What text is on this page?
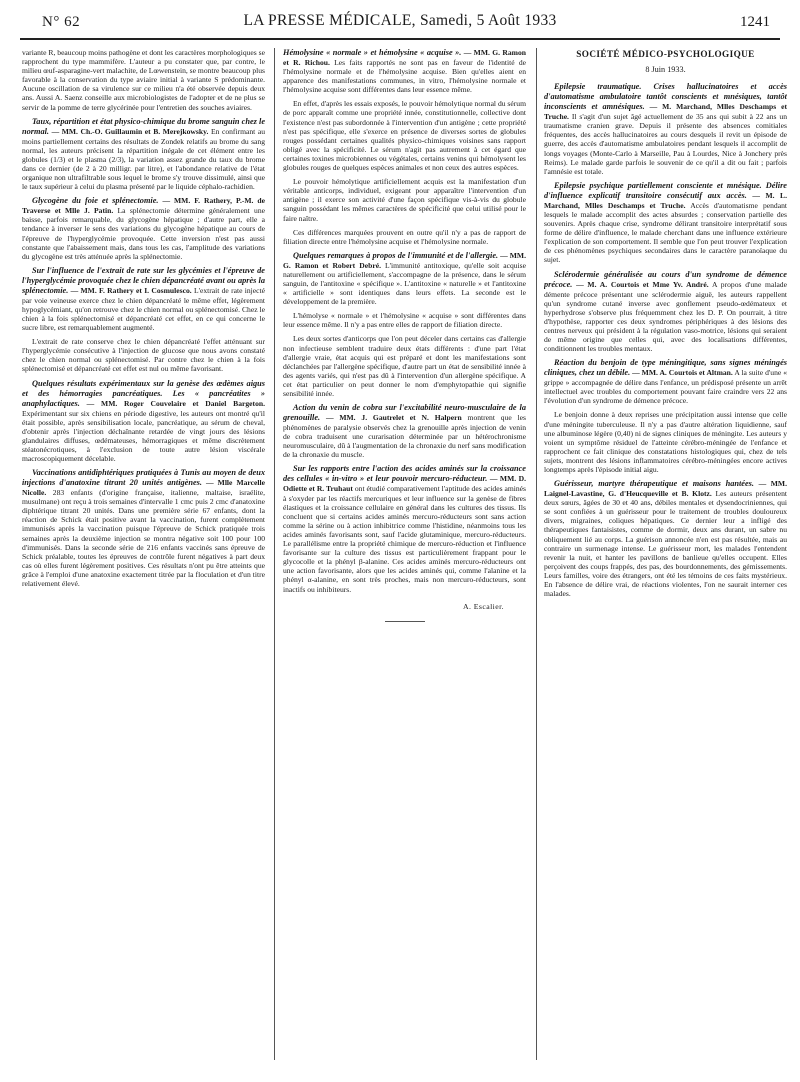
N° 62	LA PRESSE MÉDICALE, Samedi, 5 Août 1933	1241

variante R, beaucoup moins pathogène et dont les caractères morphologiques se rapprochent du type mammifère. L'auteur a pu constater que, par contre, le milieu œuf-asparagine-vert malachite, de Lœwenstein, se montre beaucoup plus favorable à la conservation du type aviaire initial à variante S prédominante. Aucune oscillation de sa virulence sur ce milieu n'a été observée depuis deux ans. Aussi A. Saenz conseille aux microbiologistes de l'adopter et de ne plus se servir de la pomme de terre glycérinée pour l'entretien des souches aviaires.

Taux, répartition et état physico-chimique du brome sanguin chez le normal. — MM. Ch.-O. Guillaumin et B. Merejkowsky. En confirmant au moins partiellement certains des résultats de Zondek relatifs au brome du sang normal, les auteurs précisent la répartition inégale de cet élément entre les globules (1/3) et le plasma (2/3), la variation assez grande du taux du brome dans ce dernier (de 2 à 20 milligr. par litre), et l'abondance relative de l'état organique non ultrafiltrable sous lequel le brome s'y trouve dissimulé, ainsi que le taux supérieur à celui du plasma présenté par le liquide céphalo-rachidien.

Glycogène du foie et splénectomie. — MM. F. Rathery, P.-M. de Traverse et Mlle J. Patin. La splénectomie détermine généralement une baisse, parfois remarquable, du glycogène hépatique ; d'autre part, elle a tendance à inverser le sens des variations du glycogène hépatique au cours de l'épreuve de l'hyperglycémie provoquée. Cette inversion n'est pas aussi constante que l'abaissement mais, dans tous les cas, l'amplitude des variations du glycogène est très atténuée après la splénectomie.

Sur l'influence de l'extrait de rate sur les glycémies et l'épreuve de l'hyperglycémie provoquée chez le chien dépancréaté avant ou après la splénectomie. — MM. F. Rathery et I. Cosmulesco. L'extrait de rate injecté par voie veineuse exerce chez le chien dépancréaté le même effet, légèrement hypoglycémiant, qu'on retrouve chez le chien normal ou splénectomisé. Chez le chien à la fois splénectomisé et dépancréaté cet effet, en ce qui concerne le sucre libre, est remarquablement augmenté.

L'extrait de rate conserve chez le chien dépancréaté l'effet atténuant sur l'hyperglycémie consécutive à l'injection de glucose que nous avons constaté chez le chien normal ou splénectomisé. Par contre chez le chien à la fois splénectomisé et dépancréaté cet effet est nul ou même favorisant.

Quelques résultats expérimentaux sur la genèse des œdèmes aigus et des hémorragies pancréatiques. Les « pancréatites » anaphylactiques. — MM. Roger Couvelaire et Daniel Bargeton. Expérimentant sur six chiens en période digestive, les auteurs ont montré qu'il était possible, après sensibilisation locale, pancréatique, au sérum de cheval, d'obtenir après l'injection déchaînante retardée de vingt jours des lésions glandulaires diffuses, œdémateuses, hémorragiques et même discrètement stéatonécrotiques, à l'exclusion de toute autre lésion viscérale macroscopiquement décelable.

Vaccinations antidiphtériques pratiquées à Tunis au moyen de deux injections d'anatoxine titrant 20 unités antigènes. — Mlle Marcelle Nicolle. 283 enfants (d'origine française, italienne, maltaise, israélite, musulmane) ont reçu à trois semaines d'intervalle 1 cmc puis 2 cmc d'anatoxine diphtérique titrant 20 unités. Dans une première série 67 enfants, dont la réaction de Schick était positive avant la vaccination, furent complètement immunisés après la vaccination puisque l'épreuve de Schick pratiquée trois semaines après la deuxième injection se montra négative soit 100 pour 100 d'immunisés. Dans la seconde série de 216 enfants vaccinés sans épreuve de Schick préalable, toutes les épreuves de contrôle furent négatives à part deux cas où elles furent légèrement positives. Ces résultats n'ont pu être atteints que grâce à l'emploi d'une anatoxine exactement titrée par la floculation et d'un titre relativement élevé.

Hémolysine « normale » et hémolysine « acquise ». — MM. G. Ramon et R. Richou. Les faits rapportés ne sont pas en faveur de l'identité de l'hémolysine normale et de l'hémolysine acquise. Bien qu'elles aient en apparence des manifestations communes, in vitro, l'hémolysine normale et l'hémolysine acquise sont différentes dans leur essence même.

En effet, d'après les essais exposés, le pouvoir hémolytique normal du sérum de porc apparaît comme une propriété innée, constitutionnelle, collective dont l'existence n'est pas subordonnée à l'intervention d'un antigène ; cette propriété n'est pas spécifique, elle s'exerce en présence de diverses sortes de globules rouges possédant certaines qualités physico-chimiques voisines sans rapport obligé avec la spécificité. Le sérum n'agit pas autrement à cet égard que certaines toxines microbiennes ou végétales, certains venins qui hémolysent les globules rouges de quelques espèces animales et non ceux des autres espèces.

Le pouvoir hémolytique artificiellement acquis est la manifestation d'un véritable anticorps, individuel, exigeant pour apparaître l'intervention d'un antigène ; il exerce son activité d'une façon spécifique vis-à-vis du globule sanguin possédant les mêmes caractères de spécificité que celui utilisé pour le faire naître.

Ces différences marquées prouvent en outre qu'il n'y a pas de rapport de filiation directe entre l'hémolysine acquise et l'hémolysine normale.

Quelques remarques à propos de l'immunité et de l'allergie. — MM. G. Ramon et Robert Debré. L'immunité antitoxique, qu'elle soit acquise naturellement ou artificiellement, s'accompagne de la présence, dans le sérum sanguin, de l'antitoxine « spécifique ». L'antitoxine « naturelle » et l'antitoxine « artificielle » sont identiques dans leurs effets. La seconde est le développement de la première.

L'hémolyse « normale » et l'hémolysine « acquise » sont différentes dans leur essence même. Il n'y a pas entre elles de rapport de filiation directe.

Les deux sortes d'anticorps que l'on peut déceler dans certains cas d'allergie non infectieuse semblent traduire deux états différents : d'une part l'état d'allergie vraie, état acquis qui est préparé et dont les manifestations sont déclanchées par l'allergène spécifique, d'autre part un état de sensibilité innée à des agents variés, qui n'est pas dû à l'intervention d'un allergène spécifique. A cet état particulier on peut donner le nom d'emphytopathie qui signifie sensibilité innée.

Action du venin de cobra sur l'excitabilité neuro-musculaire de la grenouille. — MM. J. Gautrelet et N. Halpern montrent que les phénomènes de paralysie observés chez la grenouille après injection de venin de cobra traduisent une curarisation déterminée par un hétérochronisme neuromusculaire, dû à l'augmentation de la chronaxie du nerf sans modification de la chronaxie du muscle.

Sur les rapports entre l'action des acides aminés sur la croissance des cellules « in-vitro » et leur pouvoir mercuro-réducteur. — MM. D. Odiette et R. Truhaut ont étudié comparativement l'aptitude des acides aminés à s'oxyder par les réactifs mercuriques et leur influence sur la genèse de fibres élastiques et la croissance cellulaire en général dans les cultures des tissus. Ils concluent que si certains acides aminés mercuro-réducteurs sont sans action comme la sérine ou à action inhibitrice comme l'histidine, néanmoins tous les acides aminés favorisants sont, sauf l'acide glutaminique, mercuro-réducteurs. Le parallélisme entre la propriété chimique de mercuro-réduction et l'influence favorisante sur la culture des tissus est particulièrement frappant pour le glycocolle et la phényl β-alanine. Ces acides aminés mercuro-réducteurs ont une action favorisante, alors que les acides aminés qui, comme l'alanine et la phényl α-alanine, en sont très proches, mais non mercuro-réducteurs, sont inactifs ou inhibiteurs.

A. Escalier.
SOCIÉTÉ MÉDICO-PSYCHOLOGIQUE
8 Juin 1933.

Epilepsie traumatique. Crises hallucinatoires et accès d'automatisme ambulatoire tantôt conscients et mnésiques, tantôt inconscients et amnésiques. — M. Marchand, Mlles Deschamps et Truche. Il s'agit d'un sujet âgé actuellement de 35 ans qui subit à 22 ans un traumatisme cranien grave. Depuis il présente des absences comitiales fréquentes, des accès hallucinatoires au cours desquels il revit un épisode de guerre, des accès d'automatisme ambulatoires pendant lesquels il accomplit de longs voyages (Monte-Carlo à Marseille, Pau à Lourdes, Nice à Jonchery près Reims). Le malade garde parfois le souvenir de ce qu'il a dit ou fait ; parfois l'amnésie est totale.

Epilepsie psychique partiellement consciente et mnésique. Délire d'influence explicatif transitoire consécutif aux accès. — M. L. Marchand, Mlles Deschamps et Truche. Accès d'automatisme pendant lesquels le malade accomplit des actes absurdes ; conservation partielle des souvenirs. Après chaque crise, syndrome délirant transitoire interprétatif sous forme de délire d'influence, le malade cherchant dans une influence extérieure l'explication de son comportement. Il semble que l'on peut trouver l'explication de ces phénomènes psychiques secondaires dans le caractère paranoïaque du sujet.

Sclérodermie généralisée au cours d'un syndrome de démence précoce. — M. A. Courtois et Mme Yv. André. A propos d'une malade démente précoce présentant une sclérodermie aiguë, les auteurs rappellent qu'un syndrome cutané inverse avec gonflement pseudo-œdémateux et hyperhydrose s'observe plus fréquemment chez les D. P. On pourrait, à titre d'hypothèse, rapporter ces deux syndromes périphériques à des lésions des centres nerveux qui président à la régulation vaso-motrice, lésions qui seraient de même origine que celles qui, avec des localisations différentes, conditionnent les troubles mentaux.

Réaction du benjoin de type méningitique, sans signes méningés cliniques, chez un débile. — MM. A. Courtois et Altman. A la suite d'une « grippe » accompagnée de délire dans l'enfance, un prédisposé présente un arrêt intellectuel avec troubles du comportement pouvant faire craindre vers 22 ans l'évolution d'un syndrome de démence précoce.

Le benjoin donne à deux reprises une précipitation aussi intense que celle d'une méningite tuberculeuse. Il n'y a pas d'autre altération liquidienne, sauf une albuminose légère (0,40) ni de signes cliniques de méningite. Les auteurs y voient un symptôme résiduel de l'atteinte cérébro-méningée de l'enfance et rapprochent ce fait clinique des constatations histologiques qui, chez de tels sujets, montrent des lésions inflammatoires cérébro-méningées encore actives longtemps après l'épisode initial aigu.

Guérisseur, martyre thérapeutique et maisons hantées. — MM. Laignel-Lavastine, G. d'Heucqueville et B. Klotz. Les auteurs présentent deux sœurs, âgées de 30 et 40 ans, débiles mentales et dysendocriniennes, qui se sont confiées à un guérisseur pour le traitement de troubles douloureux divers, migraines, coliques hépatiques. Ce dernier leur a infligé des thérapeutiques fantaisistes, comme de dormir, deux ans durant, un sabre nu obliquement lié au corps. La guérison annoncée n'en est pas résultée, mais au contraire un surmenage intense. Le guérisseur mort, les malades l'entendent revenir la nuit, et hanter les pavillons de banlieue qu'elles occupent. Elles perçoivent des coups frappés, des pas, des bourdonnements, des gémissements. Leurs familles, voire des étrangers, ont été les témoins de ces faits mystérieux. En l'absence de délire vrai, de réactions violentes, l'on ne saurait interner ces malades.
